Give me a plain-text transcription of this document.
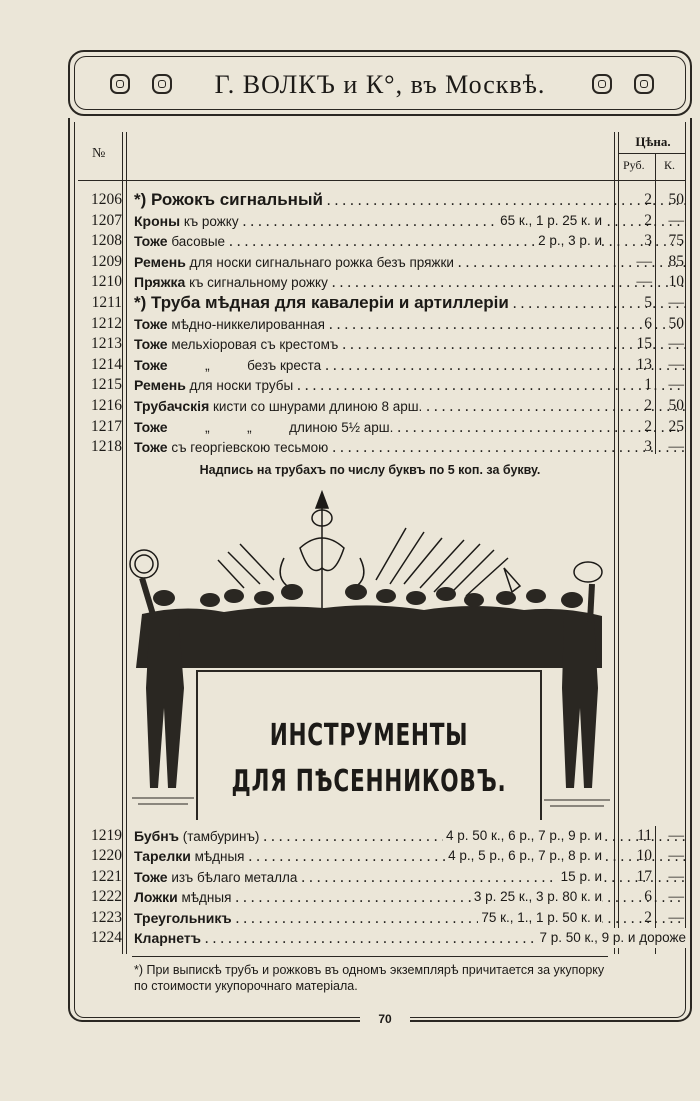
Г. ВОЛКЪ и К°, въ Москвѣ.
№
Цѣна.
Руб. К.
1206 *) Рожокъ сигнальный . . .	2	50
1207 Кроны къ рожку . . .	65 к., 1 р. 25 к. и	2	—
1208 Тоже басовые . . .	2 р., 3 р. и	3	75
1209 Ремень для носки сигнальнаго рожка безъ пряжки . . .	—	85
1210 Пряжка къ сигнальному рожку . . .	—	10
1211 *) Труба мѣдная для кавалеріи и артиллеріи . . .	5	—
1212 Тоже мѣдно-никкелированная . . .	6	50
1213 Тоже мельхіоровая съ крестомъ . . .	15	—
1214 Тоже          „          безъ креста . . .	13	—
1215 Ремень для носки трубы . . .	1	—
1216 Трубачскія кисти со шнурами длиною 8 арш. . . .	2	50
1217 Тоже          „          „          длиною 5½ арш. . . .	2	25
1218 Тоже съ георгіевскою тесьмою . . .	3	—
Надпись на трубахъ по числу буквъ по 5 коп. за букву.
ИНСТРУМЕНТЫ
ДЛЯ ПѢСЕННИКОВЪ.
1219 Бубнъ (тамбуринъ) . . .	4 р. 50 к., 6 р., 7 р., 9 р. и	11	—
1220 Тарелки мѣдныя . . .	4 р., 5 р., 6 р., 7 р., 8 р. и	10	—
1221 Тоже изъ бѣлаго металла . . .	15 р. и	17	—
1222 Ложки мѣдныя . . .	3 р. 25 к., 3 р. 80 к. и	6	—
1223 Треугольникъ . . .	75 к., 1., 1 р. 50 к. и	2	—
1224 Кларнетъ . . .	7 р. 50 к., 9 р. и дороже
*) При выпискѣ трубъ и рожковъ въ одномъ экземплярѣ причитается за укупорку по стоимости укупорочнаго матеріала.
70
